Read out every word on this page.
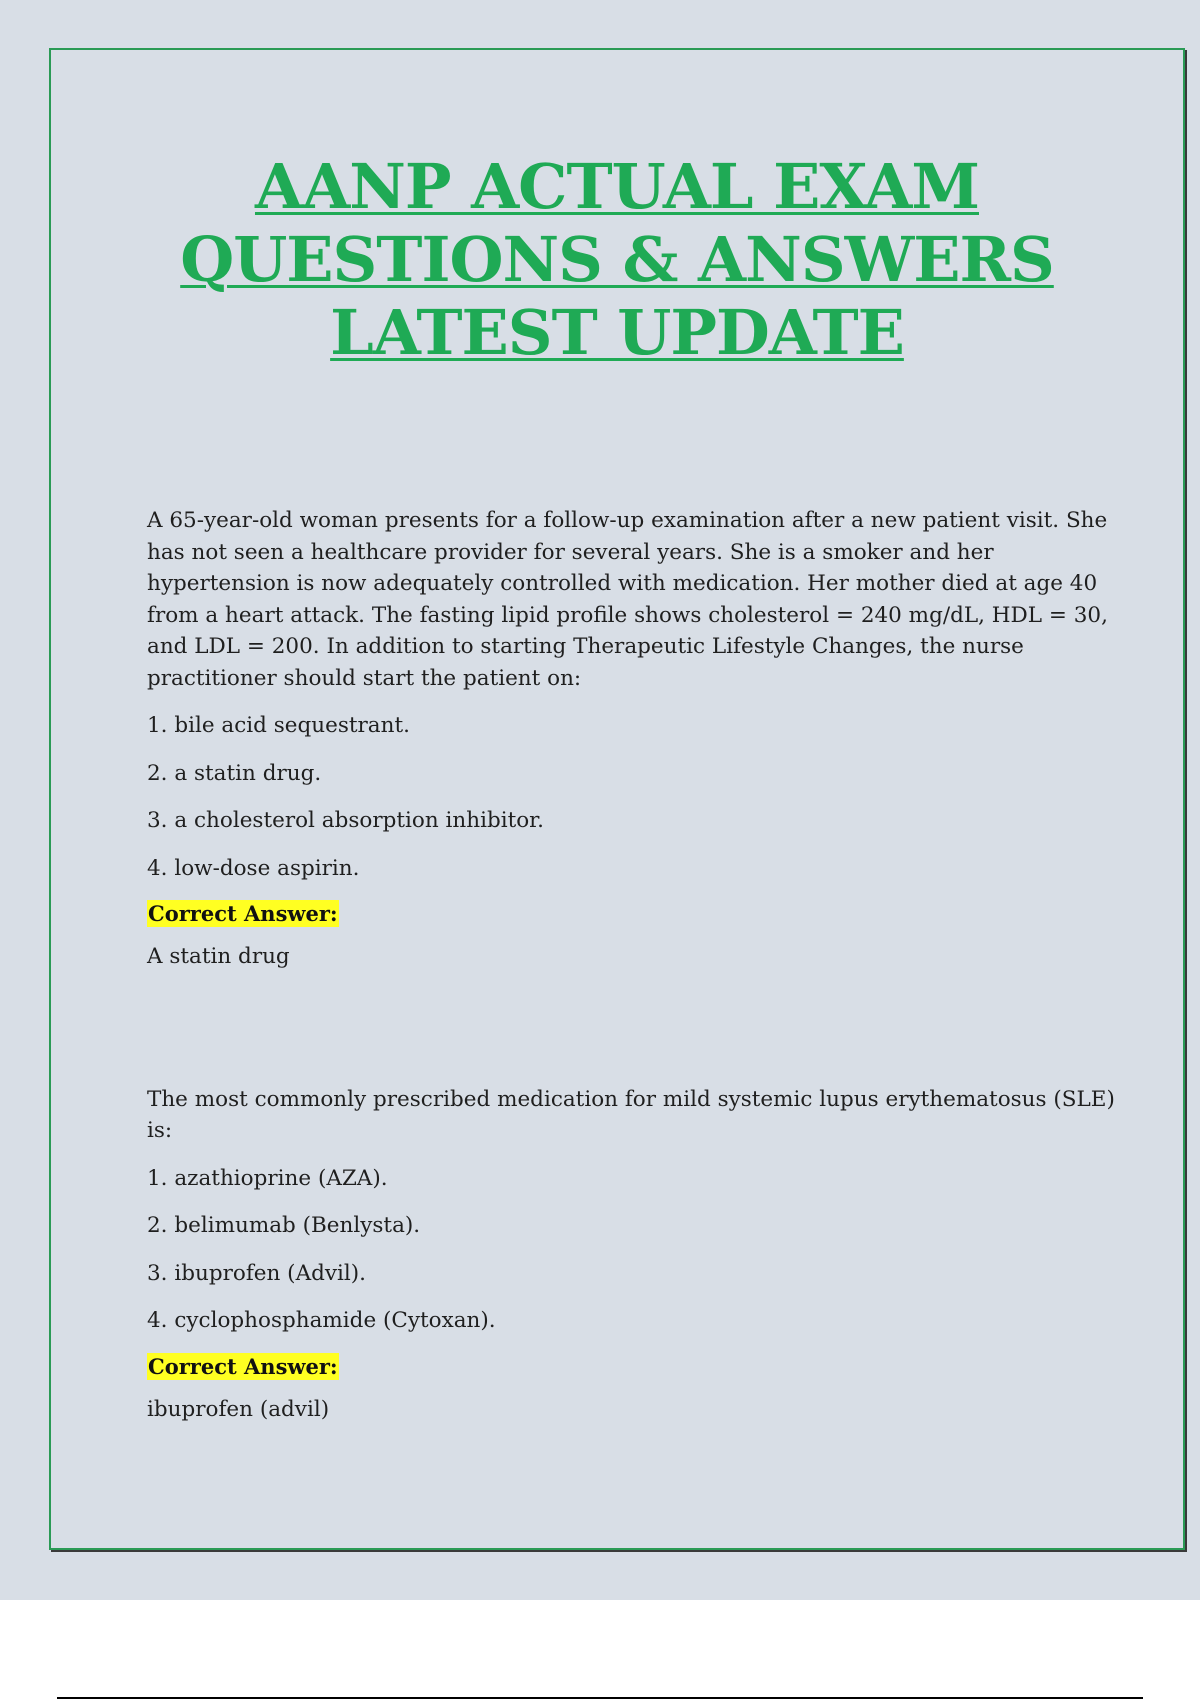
AANP ACTUAL EXAM
QUESTIONS & ANSWERS
LATEST UPDATE

A 65-year-old woman presents for a follow-up examination after a new patient visit. She has not seen a healthcare provider for several years. She is a smoker and her hypertension is now adequately controlled with medication. Her mother died at age 40 from a heart attack. The fasting lipid profile shows cholesterol = 240 mg/dL, HDL = 30, and LDL = 200. In addition to starting Therapeutic Lifestyle Changes, the nurse practitioner should start the patient on:

1. bile acid sequestrant.

2. a statin drug.

3. a cholesterol absorption inhibitor.

4. low-dose aspirin.

Correct Answer:

A statin drug

The most commonly prescribed medication for mild systemic lupus erythematosus (SLE) is:

1. azathioprine (AZA).

2. belimumab (Benlysta).

3. ibuprofen (Advil).

4. cyclophosphamide (Cytoxan).

Correct Answer:

ibuprofen (advil)
